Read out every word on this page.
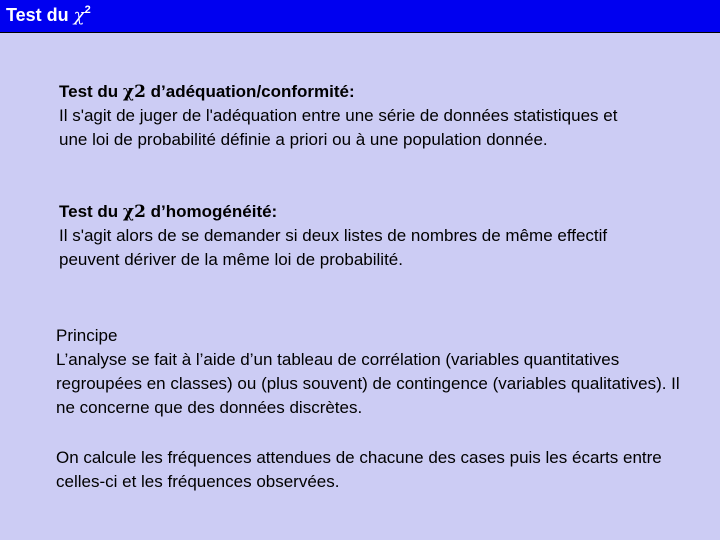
Test du $\chi^2$
Test du χ2 d’adéquation/conformité:

Il s'agit de juger de l'adéquation entre une série de données statistiques et une loi de probabilité définie a priori ou à une population donnée.

Test du χ2 d’homogénéité:

Il s'agit alors de se demander si deux listes de nombres de même effectif peuvent dériver de la même loi de probabilité.

Principe

L’analyse se fait à l’aide d’un tableau de corrélation (variables quantitatives regroupées en classes) ou (plus souvent) de contingence (variables qualitatives). Il ne concerne que des données discrètes.

On calcule les fréquences attendues de chacune des cases puis les écarts entre celles-ci et les fréquences observées.
